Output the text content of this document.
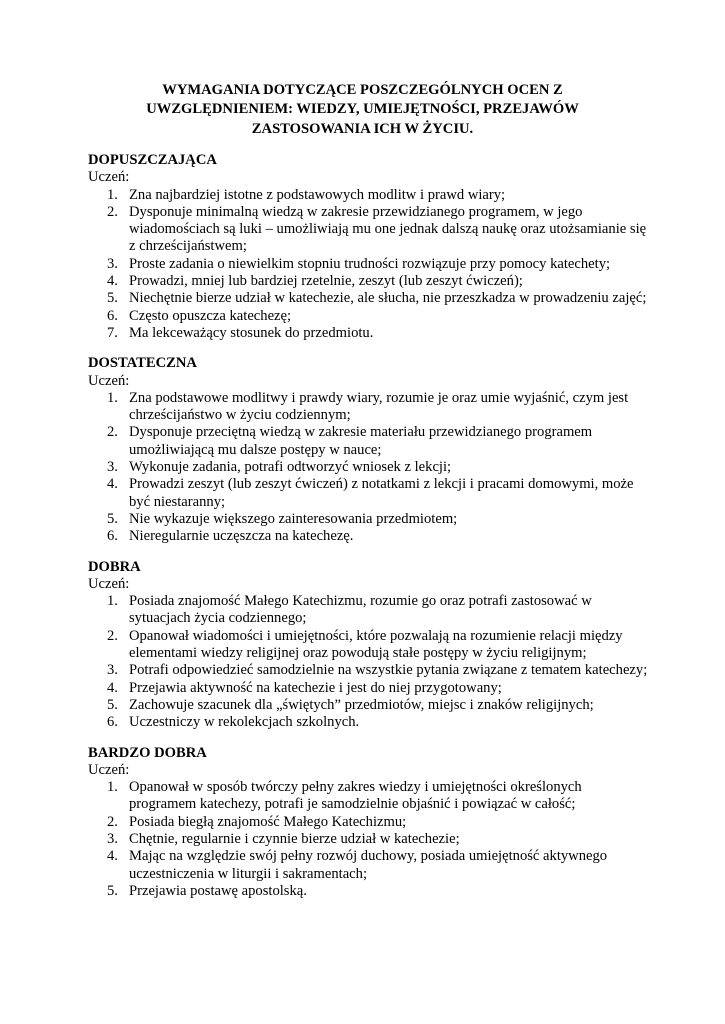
WYMAGANIA DOTYCZĄCE POSZCZEGÓLNYCH OCEN Z
UWZGLĘDNIENIEM: WIEDZY, UMIEJĘTNOŚCI, PRZEJAWÓW
ZASTOSOWANIA ICH W ŻYCIU.
DOPUSZCZAJĄCA
Uczeń:
1. Zna najbardziej istotne z podstawowych modlitw i prawd wiary;
2. Dysponuje minimalną wiedzą w zakresie przewidzianego programem, w jego wiadomościach są luki – umożliwiają mu one jednak dalszą naukę oraz utożsamianie się z chrześcijaństwem;
3. Proste zadania o niewielkim stopniu trudności rozwiązuje przy pomocy katechety;
4. Prowadzi, mniej lub bardziej rzetelnie, zeszyt (lub zeszyt ćwiczeń);
5. Niechętnie bierze udział w katechezie, ale słucha, nie przeszkadza w prowadzeniu zajęć;
6. Często opuszcza katechezę;
7. Ma lekceważący stosunek do przedmiotu.
DOSTATECZNA
Uczeń:
1. Zna podstawowe modlitwy i prawdy wiary, rozumie je oraz umie wyjaśnić, czym jest chrześcijaństwo w życiu codziennym;
2. Dysponuje przeciętną wiedzą w zakresie materiału przewidzianego programem umożliwiającą mu dalsze postępy w nauce;
3. Wykonuje zadania, potrafi odtworzyć wniosek z lekcji;
4. Prowadzi zeszyt (lub zeszyt ćwiczeń) z notatkami z lekcji i pracami domowymi, może być niestaranny;
5. Nie wykazuje większego zainteresowania przedmiotem;
6. Nieregularnie uczęszcza na katechezę.
DOBRA
Uczeń:
1. Posiada znajomość Małego Katechizmu, rozumie go oraz potrafi zastosować w sytuacjach życia codziennego;
2. Opanował wiadomości i umiejętności, które pozwalają na rozumienie relacji między elementami wiedzy religijnej oraz powodują stałe postępy w życiu religijnym;
3. Potrafi odpowiedzieć samodzielnie na wszystkie pytania związane z tematem katechezy;
4. Przejawia aktywność na katechezie i jest do niej przygotowany;
5. Zachowuje szacunek dla „świętych” przedmiotów, miejsc i znaków religijnych;
6. Uczestniczy w rekolekcjach szkolnych.
BARDZO DOBRA
Uczeń:
1. Opanował w sposób twórczy pełny zakres wiedzy i umiejętności określonych programem katechezy, potrafi je samodzielnie objaśnić i powiązać w całość;
2. Posiada biegłą znajomość Małego Katechizmu;
3. Chętnie, regularnie i czynnie bierze udział w katechezie;
4. Mając na względzie swój pełny rozwój duchowy, posiada umiejętność aktywnego uczestniczenia w liturgii i sakramentach;
5. Przejawia postawę apostolską.
